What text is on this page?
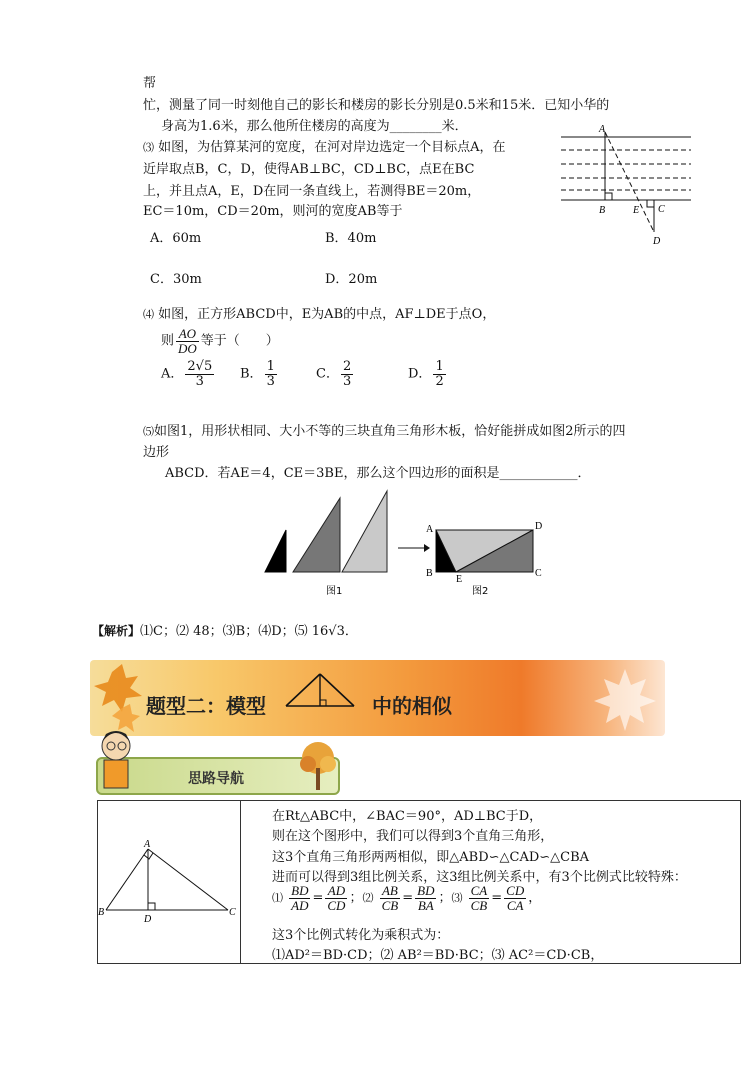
帮
忙，测量了同一时刻他自己的影长和楼房的影长分别是0.5米和15米．已知小华的
身高为1.6米，那么他所住楼房的高度为________米．
⑶ 如图，为估算某河的宽度，在河对岸边选定一个目标点A，在
近岸取点B，C，D，使得AB⊥BC，CD⊥BC，点E在BC
上，并且点A，E，D在同一条直线上，若测得BE＝20m，
EC＝10m，CD＝20m，则河的宽度AB等于
A．60m	B．40m
C．30m	D．20m
A
B	E C
D
⑷ 如图，正方形ABCD中，E为AB的中点，AF⊥DE于点O，
则 $\frac{AO}{DO}$ 等于（　　）
A． $\frac{2√5}{3}$ B． $\frac{1}{3}$	C． $\frac{2}{3}$	D． $\frac{1}{2}$
⑸如图1，用形状相同、大小不等的三块直角三角形木板，恰好能拼成如图2所示的四
边形
ABCD．若AE＝4，CE＝3BE，那么这个四边形的面积是____________．
图1
A	D
B
E
C
图2
【解析】⑴C；⑵ 48；⑶B；⑷D；⑸ 16√3．
题型二：模型	中的相似
思路导航
A
B
D
C
在Rt△ABC中，∠BAC＝90°，AD⊥BC于D，
则在这个图形中，我们可以得到3个直角三角形，
这3个直角三角形两两相似，即△ABD∽△CAD∽△CBA
进而可以得到3组比例关系，这3组比例关系中，有3个比例式比较特殊：
⑴ $\frac{BD}{AD} = \frac{AD}{CD}$ ；⑵ $\frac{AB}{CB} = \frac{BD}{BA}$ ；⑶ $\frac{CA}{CB} = \frac{CD}{CA}$ ，
这3个比例式转化为乘积式为：
⑴AD²＝BD·CD；⑵ AB²＝BD·BC；⑶ AC²＝CD·CB，
